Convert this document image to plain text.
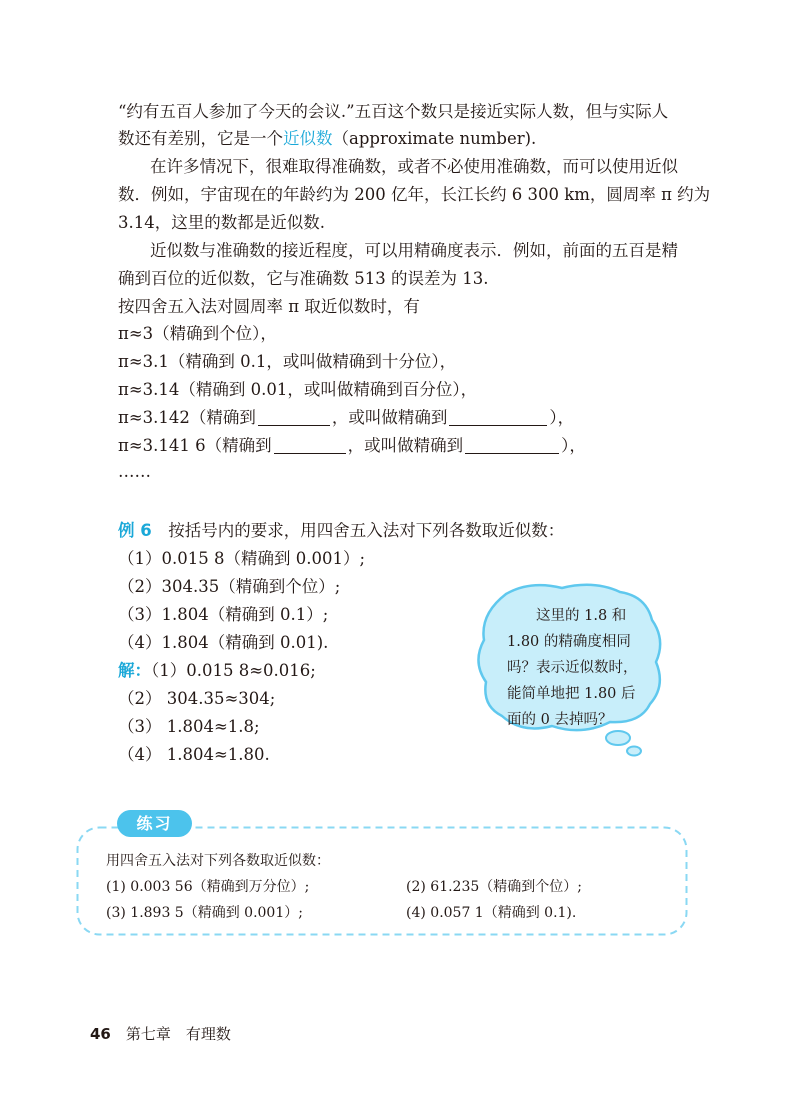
“约有五百人参加了今天的会议.”五百这个数只是接近实际人数，但与实际人
数还有差别，它是一个近似数（approximate number).
在许多情况下，很难取得准确数，或者不必使用准确数，而可以使用近似
数．例如，宇宙现在的年龄约为 200 亿年，长江长约 6 300 km，圆周率 π 约为
3.14，这里的数都是近似数.
近似数与准确数的接近程度，可以用精确度表示．例如，前面的五百是精
确到百位的近似数，它与准确数 513 的误差为 13.
按四舍五入法对圆周率 π 取近似数时，有
π≈3（精确到个位），
π≈3.1（精确到 0.1，或叫做精确到十分位），
π≈3.14（精确到 0.01，或叫做精确到百分位），
π≈3.142（精确到	，或叫做精确到	），
π≈3.141 6（精确到	，或叫做精确到	），
……
例 6　 按括号内的要求，用四舍五入法对下列各数取近似数：
（1）0.015 8（精确到 0.001）;
（2）304.35（精确到个位）;
（3）1.804（精确到 0.1）;
（4）1.804（精确到 0.01).
解：（1）0.015 8≈0.016;
（2） 304.35≈304;
（3） 1.804≈1.8;
（4） 1.804≈1.80.
这里的 1.8 和
1.80 的精确度相同
吗？表示近似数时，
能简单地把 1.80 后
面的 0 去掉吗？
练习
用四舍五入法对下列各数取近似数：
(1) 0.003 56（精确到万分位）;	(2) 61.235（精确到个位）;
(3) 1.893 5（精确到 0.001）;	(4) 0.057 1（精确到 0.1).
46　 第七章　有理数
